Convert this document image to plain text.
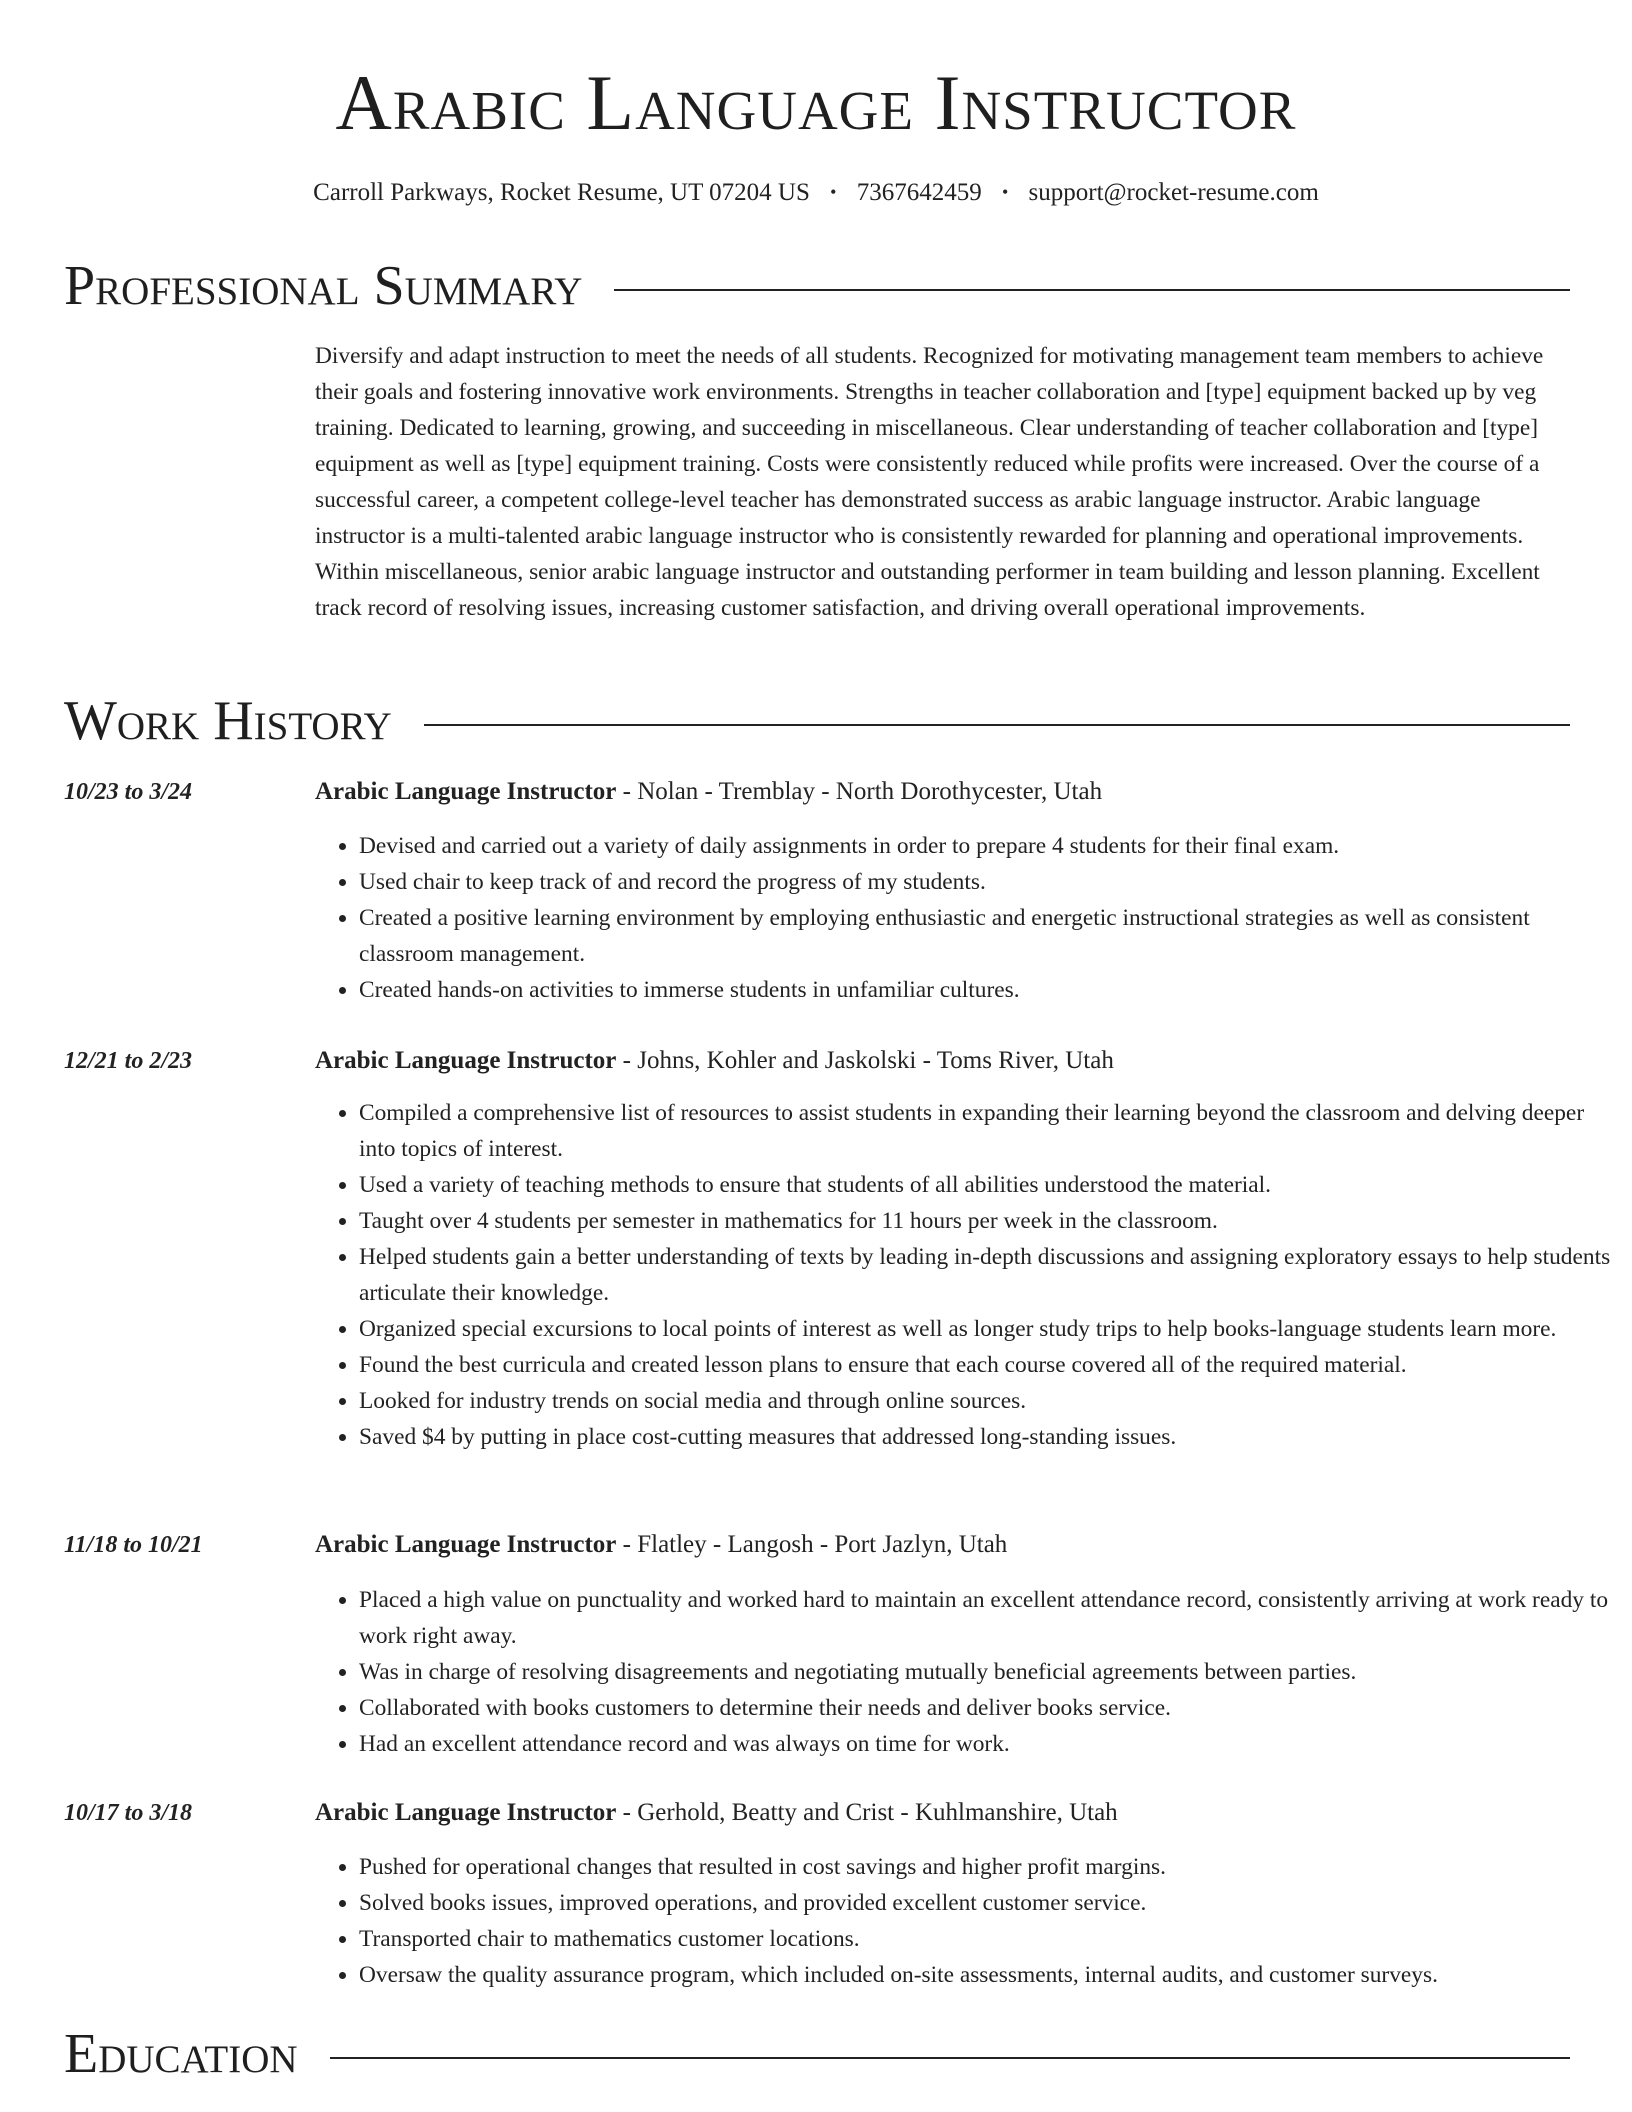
Arabic Language Instructor
Carroll Parkways, Rocket Resume, UT 07204 US • 7367642459 • support@rocket-resume.com
Professional Summary

Diversify and adapt instruction to meet the needs of all students. Recognized for motivating management team members to achieve their goals and fostering innovative work environments. Strengths in teacher collaboration and [type] equipment backed up by veg training. Dedicated to learning, growing, and succeeding in miscellaneous. Clear understanding of teacher collaboration and [type] equipment as well as [type] equipment training. Costs were consistently reduced while profits were increased. Over the course of a successful career, a competent college-level teacher has demonstrated success as arabic language instructor. Arabic language instructor is a multi-talented arabic language instructor who is consistently rewarded for planning and operational improvements. Within miscellaneous, senior arabic language instructor and outstanding performer in team building and lesson planning. Excellent track record of resolving issues, increasing customer satisfaction, and driving overall operational improvements.

Work History
10/23 to 3/24	Arabic Language Instructor - Nolan - Tremblay - North Dorothycester, Utah
• Devised and carried out a variety of daily assignments in order to prepare 4 students for their final exam.
• Used chair to keep track of and record the progress of my students.
• Created a positive learning environment by employing enthusiastic and energetic instructional strategies as well as consistent classroom management.
• Created hands-on activities to immerse students in unfamiliar cultures.
12/21 to 2/23	Arabic Language Instructor - Johns, Kohler and Jaskolski - Toms River, Utah
• Compiled a comprehensive list of resources to assist students in expanding their learning beyond the classroom and delving deeper into topics of interest.
• Used a variety of teaching methods to ensure that students of all abilities understood the material.
• Taught over 4 students per semester in mathematics for 11 hours per week in the classroom.
• Helped students gain a better understanding of texts by leading in-depth discussions and assigning exploratory essays to help students articulate their knowledge.
• Organized special excursions to local points of interest as well as longer study trips to help books-language students learn more.
• Found the best curricula and created lesson plans to ensure that each course covered all of the required material.
• Looked for industry trends on social media and through online sources.
• Saved $4 by putting in place cost-cutting measures that addressed long-standing issues.
11/18 to 10/21	Arabic Language Instructor - Flatley - Langosh - Port Jazlyn, Utah
• Placed a high value on punctuality and worked hard to maintain an excellent attendance record, consistently arriving at work ready to work right away.
• Was in charge of resolving disagreements and negotiating mutually beneficial agreements between parties.
• Collaborated with books customers to determine their needs and deliver books service.
• Had an excellent attendance record and was always on time for work.
10/17 to 3/18	Arabic Language Instructor - Gerhold, Beatty and Crist - Kuhlmanshire, Utah
• Pushed for operational changes that resulted in cost savings and higher profit margins.
• Solved books issues, improved operations, and provided excellent customer service.
• Transported chair to mathematics customer locations.
• Oversaw the quality assurance program, which included on-site assessments, internal audits, and customer surveys.
Education
